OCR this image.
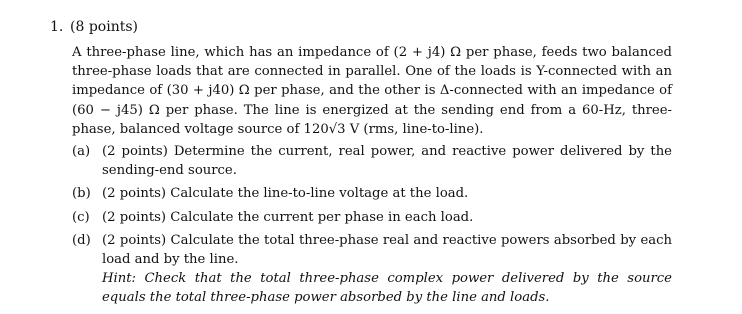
1. (8 points)
A three-phase line, which has an impedance of (2 + j4) Ω per phase, feeds two balanced three-phase loads that are connected in parallel. One of the loads is Y-connected with an impedance of (30 + j40) Ω per phase, and the other is Δ-connected with an impedance of (60 − j45) Ω per phase. The line is energized at the sending end from a 60-Hz, three-phase, balanced voltage source of 120√3 V (rms, line-to-line).
(a) (2 points) Determine the current, real power, and reactive power delivered by the sending-end source.
(b) (2 points) Calculate the line-to-line voltage at the load.
(c) (2 points) Calculate the current per phase in each load.
(d) (2 points) Calculate the total three-phase real and reactive powers absorbed by each load and by the line.
Hint: Check that the total three-phase complex power delivered by the source equals the total three-phase power absorbed by the line and loads.
